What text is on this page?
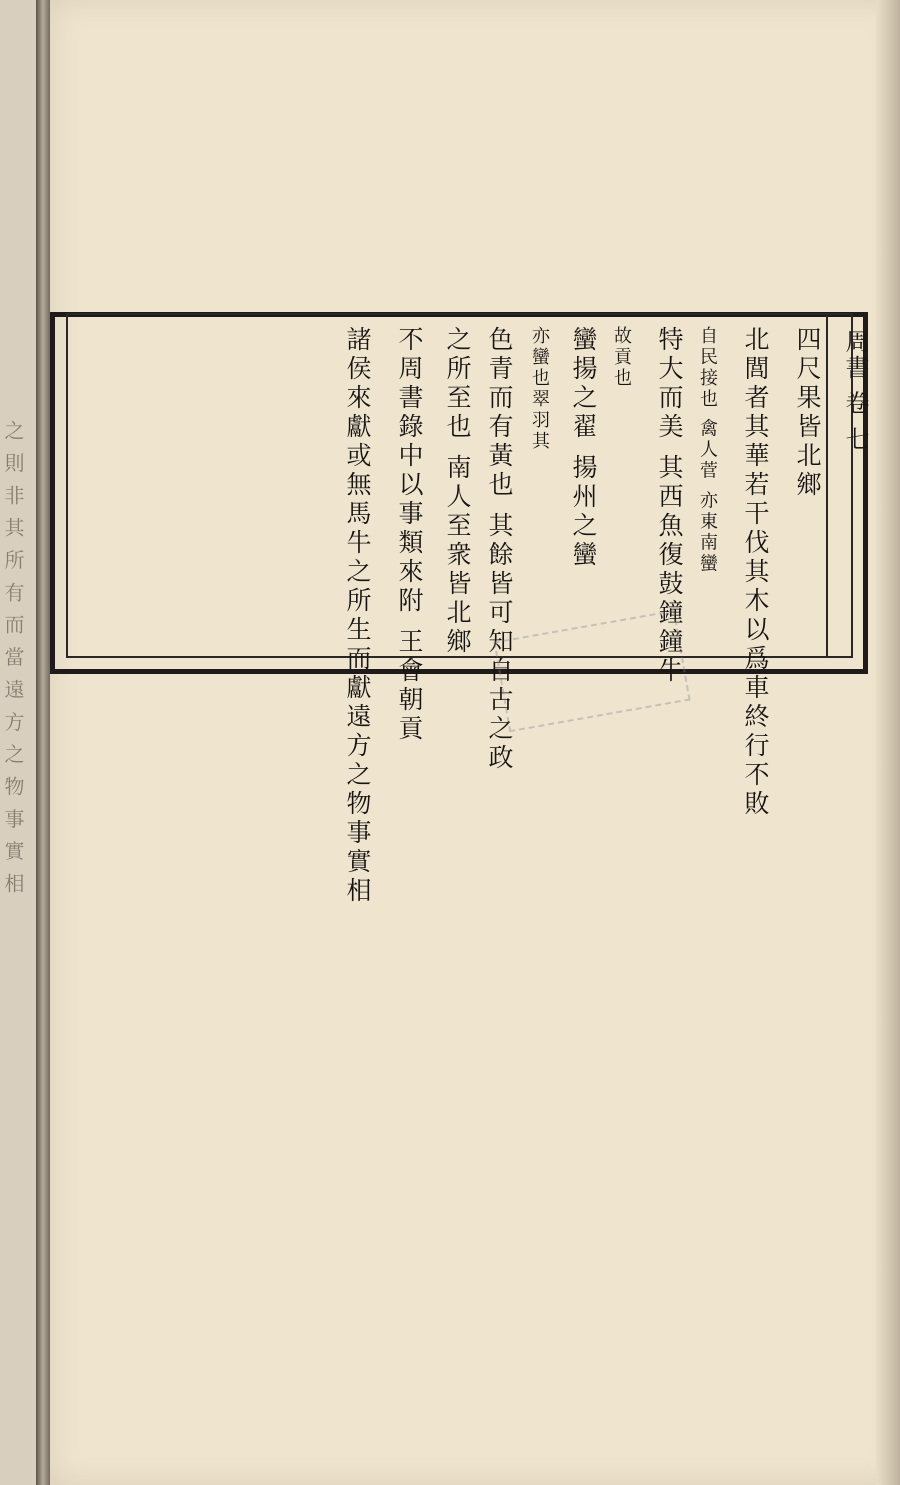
之 則 非 其 所 有 而 當 遠 方 之 物 事 實 相
周書 卷 七
四尺果皆北鄉
北閭者其華若干伐其木以爲車終行不敗
自民接也 禽人菅 亦東南蠻
特大而美 其西魚復鼓鐘鐘牛
故貢也
蠻揚之翟 揚州之蠻
亦蠻也翠羽其
色青而有黃也 其餘皆可知自古之政
之所至也 南人至衆皆北鄉
不周書錄中以事類來附 王會朝貢
諸侯來獻或無馬牛之所生而獻遠方之物事實相
